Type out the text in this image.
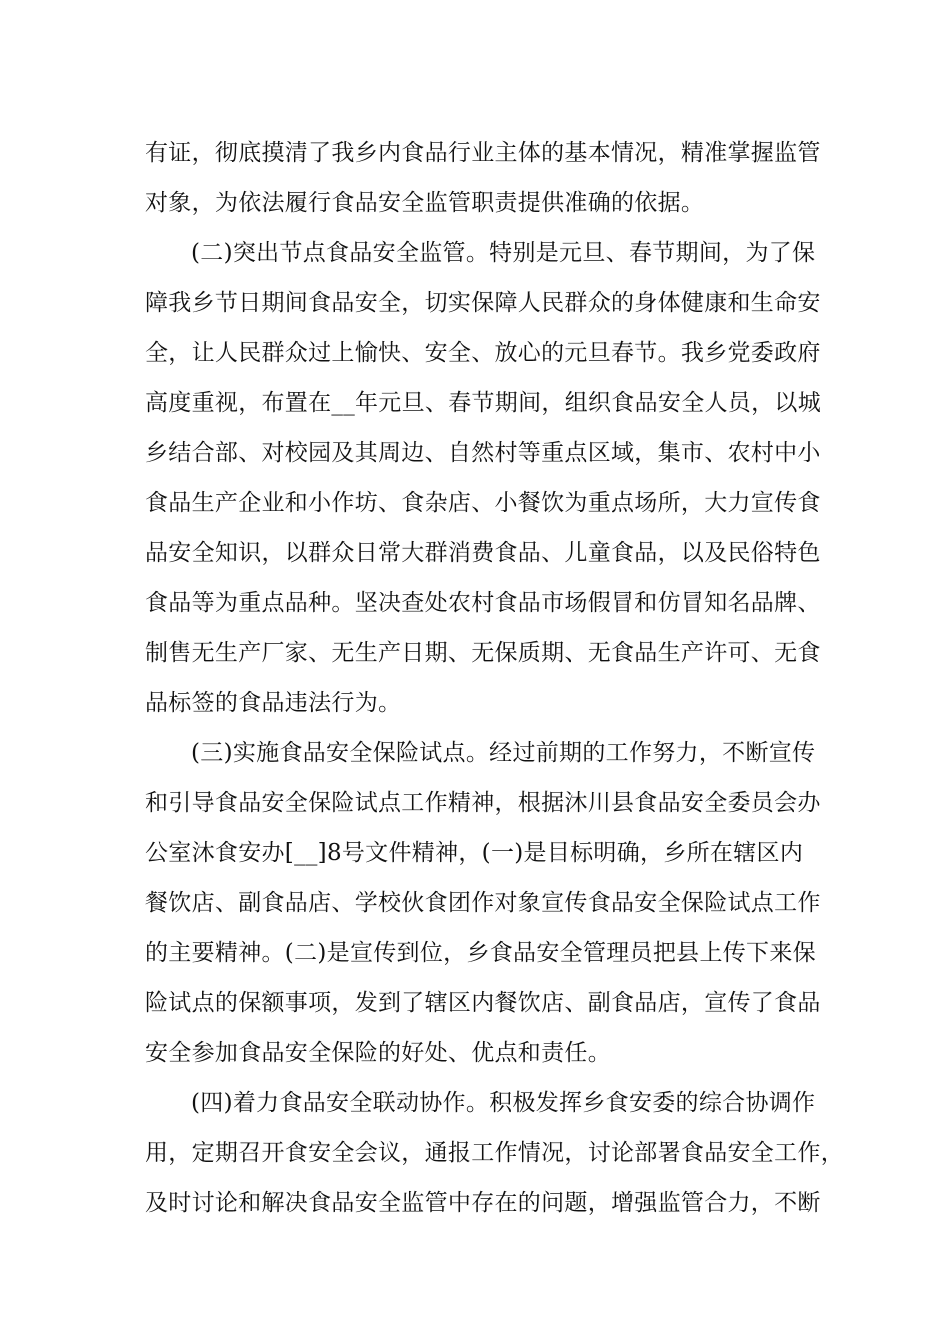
有证，彻底摸清了我乡内食品行业主体的基本情况，精准掌握监管
对象，为依法履行食品安全监管职责提供准确的依据。
(二)突出节点食品安全监管。特别是元旦、春节期间，为了保
障我乡节日期间食品安全，切实保障人民群众的身体健康和生命安
全，让人民群众过上愉快、安全、放心的元旦春节。我乡党委政府
高度重视，布置在__年元旦、春节期间，组织食品安全人员，以城
乡结合部、对校园及其周边、自然村等重点区域，集市、农村中小
食品生产企业和小作坊、食杂店、小餐饮为重点场所，大力宣传食
品安全知识，以群众日常大群消费食品、儿童食品，以及民俗特色
食品等为重点品种。坚决查处农村食品市场假冒和仿冒知名品牌、
制售无生产厂家、无生产日期、无保质期、无食品生产许可、无食
品标签的食品违法行为。
(三)实施食品安全保险试点。经过前期的工作努力，不断宣传
和引导食品安全保险试点工作精神，根据沐川县食品安全委员会办
公室沐食安办[__]8号文件精神，(一)是目标明确，乡所在辖区内
餐饮店、副食品店、学校伙食团作对象宣传食品安全保险试点工作
的主要精神。(二)是宣传到位，乡食品安全管理员把县上传下来保
险试点的保额事项，发到了辖区内餐饮店、副食品店，宣传了食品
安全参加食品安全保险的好处、优点和责任。
(四)着力食品安全联动协作。积极发挥乡食安委的综合协调作
用，定期召开食安全会议，通报工作情况，讨论部署食品安全工作，
及时讨论和解决食品安全监管中存在的问题，增强监管合力，不断
